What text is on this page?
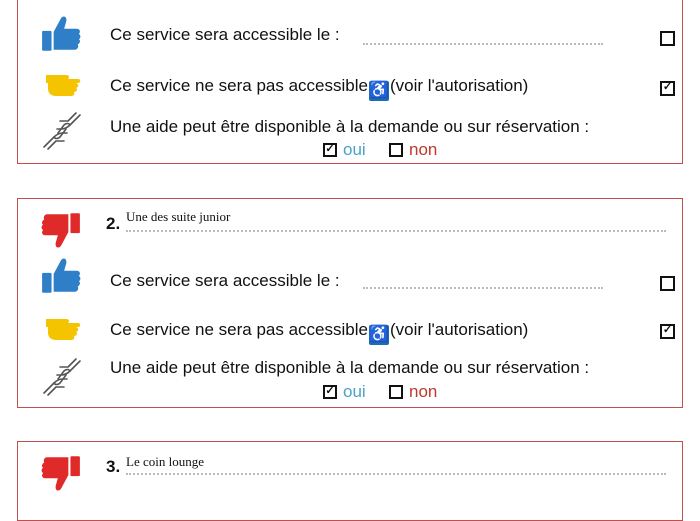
Ce service sera accessible le :
Ce service ne sera pas accessible♿(voir l'autorisation)
✓
Une aide peut être disponible à la demande ou sur réservation :
✓
oui	non
2. Une des suite junior
Ce service sera accessible le :
Ce service ne sera pas accessible♿(voir l'autorisation)
✓
Une aide peut être disponible à la demande ou sur réservation :
✓
oui	non
3. Le coin lounge
